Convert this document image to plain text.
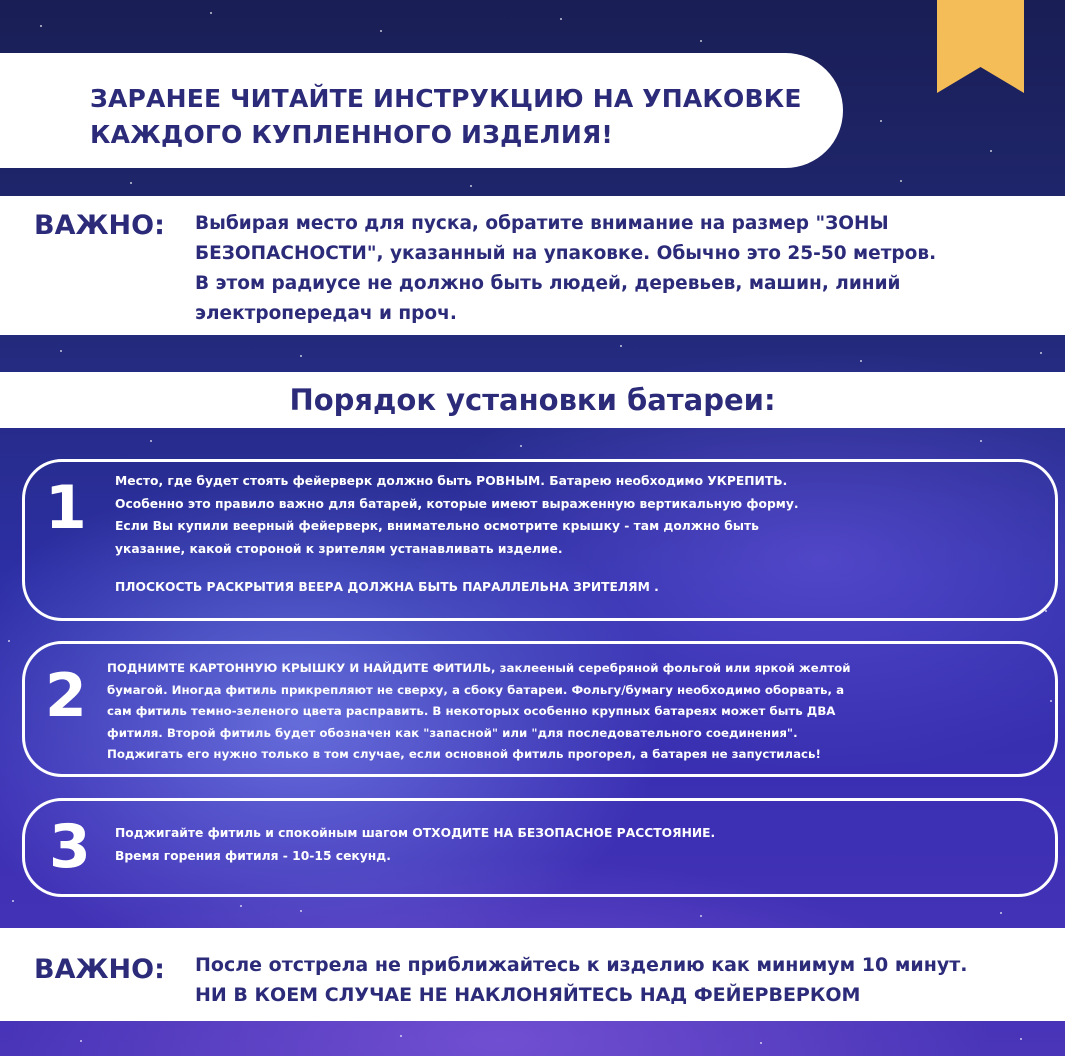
ЗАРАНЕЕ ЧИТАЙТЕ ИНСТРУКЦИЮ НА УПАКОВКЕ
КАЖДОГО КУПЛЕННОГО ИЗДЕЛИЯ!

ВАЖНО: Выбирая место для пуска, обратите внимание на размер "ЗОНЫ
БЕЗОПАСНОСТИ", указанный на упаковке. Обычно это 25-50 метров.
В этом радиусе не должно быть людей, деревьев, машин, линий
электропередач и проч.
Порядок установки батареи:
1 Место, где будет стоять фейерверк должно быть РОВНЫМ. Батарею необходимо УКРЕПИТЬ.
Особенно это правило важно для батарей, которые имеют выраженную вертикальную форму.
Если Вы купили веерный фейерверк, внимательно осмотрите крышку - там должно быть
указание, какой стороной к зрителям устанавливать изделие.
ПЛОСКОСТЬ РАСКРЫТИЯ ВЕЕРА ДОЛЖНА БЫТЬ ПАРАЛЛЕЛЬНА ЗРИТЕЛЯМ .
2 ПОДНИМТЕ КАРТОННУЮ КРЫШКУ И НАЙДИТЕ ФИТИЛЬ, заклееный серебряной фольгой или яркой желтой
бумагой. Иногда фитиль прикрепляют не сверху, а сбоку батареи. Фольгу/бумагу необходимо оборвать, а
сам фитиль темно-зеленого цвета расправить. В некоторых особенно крупных батареях может быть ДВА
фитиля. Второй фитиль будет обозначен как "запасной" или "для последовательного соединения".
Поджигать его нужно только в том случае, если основной фитиль прогорел, а батарея не запустилась!
3 Поджигайте фитиль и спокойным шагом ОТХОДИТЕ НА БЕЗОПАСНОЕ РАССТОЯНИЕ.
Время горения фитиля - 10-15 секунд.
ВАЖНО: После отстрела не приближайтесь к изделию как минимум 10 минут.
НИ В КОЕМ СЛУЧАЕ НЕ НАКЛОНЯЙТЕСЬ НАД ФЕЙЕРВЕРКОМ
